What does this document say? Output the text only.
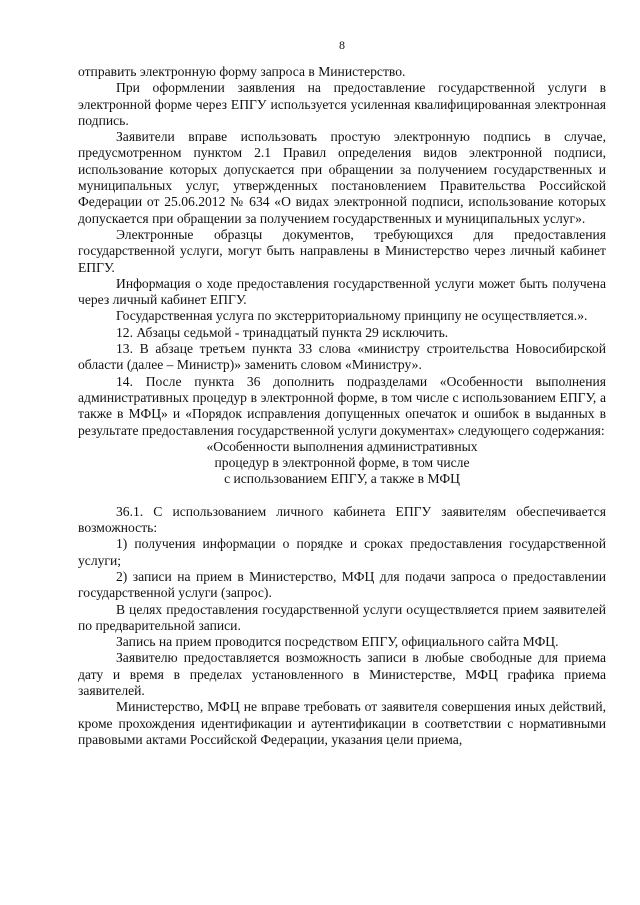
8

отправить электронную форму запроса в Министерство.

При оформлении заявления на предоставление государственной услуги в электронной форме через ЕПГУ используется усиленная квалифицированная электронная подпись.

Заявители вправе использовать простую электронную подпись в случае, предусмотренном пунктом 2.1 Правил определения видов электронной подписи, использование которых допускается при обращении за получением государственных и муниципальных услуг, утвержденных постановлением Правительства Российской Федерации от 25.06.2012 № 634 «О видах электронной подписи, использование которых допускается при обращении за получением государственных и муниципальных услуг».

Электронные образцы документов, требующихся для предоставления государственной услуги, могут быть направлены в Министерство через личный кабинет ЕПГУ.

Информация о ходе предоставления государственной услуги может быть получена через личный кабинет ЕПГУ.

Государственная услуга по экстерриториальному принципу не осуществляется.».

12. Абзацы седьмой - тринадцатый пункта 29 исключить.

13. В абзаце третьем пункта 33 слова «министру строительства Новосибирской области (далее – Министр)» заменить словом «Министру».

14. После пункта 36 дополнить подразделами «Особенности выполнения административных процедур в электронной форме, в том числе с использованием ЕПГУ, а также в МФЦ» и «Порядок исправления допущенных опечаток и ошибок в выданных в результате предоставления государственной услуги документах» следующего содержания:

«Особенности выполнения административных
процедур в электронной форме, в том числе
с использованием ЕПГУ, а также в МФЦ

36.1. С использованием личного кабинета ЕПГУ заявителям обеспечивается возможность:

1) получения информации о порядке и сроках предоставления государственной услуги;

2) записи на прием в Министерство, МФЦ для подачи запроса о предоставлении государственной услуги (запрос).

В целях предоставления государственной услуги осуществляется прием заявителей по предварительной записи.

Запись на прием проводится посредством ЕПГУ, официального сайта МФЦ.

Заявителю предоставляется возможность записи в любые свободные для приема дату и время в пределах установленного в Министерстве, МФЦ графика приема заявителей.

Министерство, МФЦ не вправе требовать от заявителя совершения иных действий, кроме прохождения идентификации и аутентификации в соответствии с нормативными правовыми актами Российской Федерации, указания цели приема,
